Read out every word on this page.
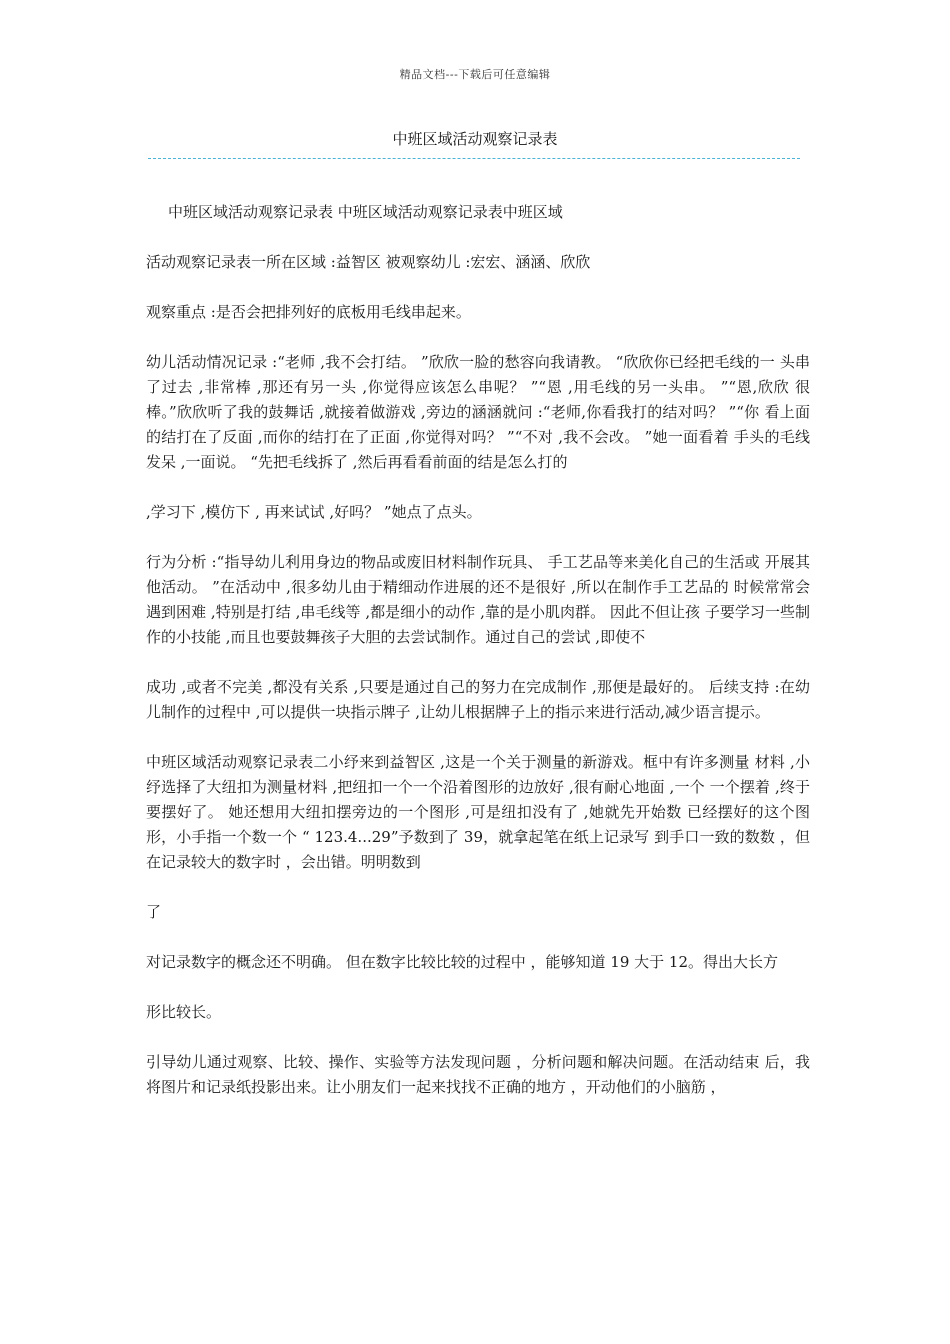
精品文档---下载后可任意编辑
中班区域活动观察记录表

中班区域活动观察记录表 中班区域活动观察记录表中班区域

活动观察记录表一所在区域 :益智区 被观察幼儿 :宏宏、涵涵、欣欣

观察重点 :是否会把排列好的底板用毛线串起来。

幼儿活动情况记录 :“老师 ,我不会打结。 ”欣欣一脸的愁容向我请教。 “欣欣你已经把毛线的一 头串了过去 ,非常棒 ,那还有另一头 ,你觉得应该怎么串呢？ ”“恩 ,用毛线的另一头串。 ”“恩,欣欣 很棒。”欣欣听了我的鼓舞话 ,就接着做游戏 ,旁边的涵涵就问 :“老师,你看我打的结对吗？ ”“你 看上面的结打在了反面 ,而你的结打在了正面 ,你觉得对吗？ ”“不对 ,我不会改。 ”她一面看着 手头的毛线发呆 ,一面说。 “先把毛线拆了 ,然后再看看前面的结是怎么打的

,学习下 ,模仿下 , 再来试试 ,好吗？ ”她点了点头。

行为分析 :“指导幼儿利用身边的物品或废旧材料制作玩具、 手工艺品等来美化自己的生活或 开展其他活动。 ”在活动中 ,很多幼儿由于精细动作进展的还不是很好 ,所以在制作手工艺品的 时候常常会遇到困难 ,特别是打结 ,串毛线等 ,都是细小的动作 ,靠的是小肌肉群。 因此不但让孩 子要学习一些制作的小技能 ,而且也要鼓舞孩子大胆的去尝试制作。通过自己的尝试 ,即使不

成功 ,或者不完美 ,都没有关系 ,只要是通过自己的努力在完成制作 ,那便是最好的。 后续支持 :在幼儿制作的过程中 ,可以提供一块指示牌子 ,让幼儿根据牌子上的指示来进行活动,减少语言提示。

中班区域活动观察记录表二小纾来到益智区 ,这是一个关于测量的新游戏。框中有许多测量 材料 ,小纾选择了大纽扣为测量材料 ,把纽扣一个一个沿着图形的边放好 ,很有耐心地面 ,一个 一个摆着 ,终于要摆好了。 她还想用大纽扣摆旁边的一个图形 ,可是纽扣没有了 ,她就先开始数 已经摆好的这个图形，小手指一个数一个 “ 123.4...29”予数到了 39，就拿起笔在纸上记录写 到手口一致的数数 ，但在记录较大的数字时 ，会出错。明明数到

了

对记录数字的概念还不明确。 但在数字比较比较的过程中 ，能够知道 19 大于 12。得出大长方

形比较长。

引导幼儿通过观察、比较、操作、实验等方法发现问题 ，分析问题和解决问题。在活动结束 后，我将图片和记录纸投影出来。让小朋友们一起来找找不正确的地方 ，开动他们的小脑筋 ，
